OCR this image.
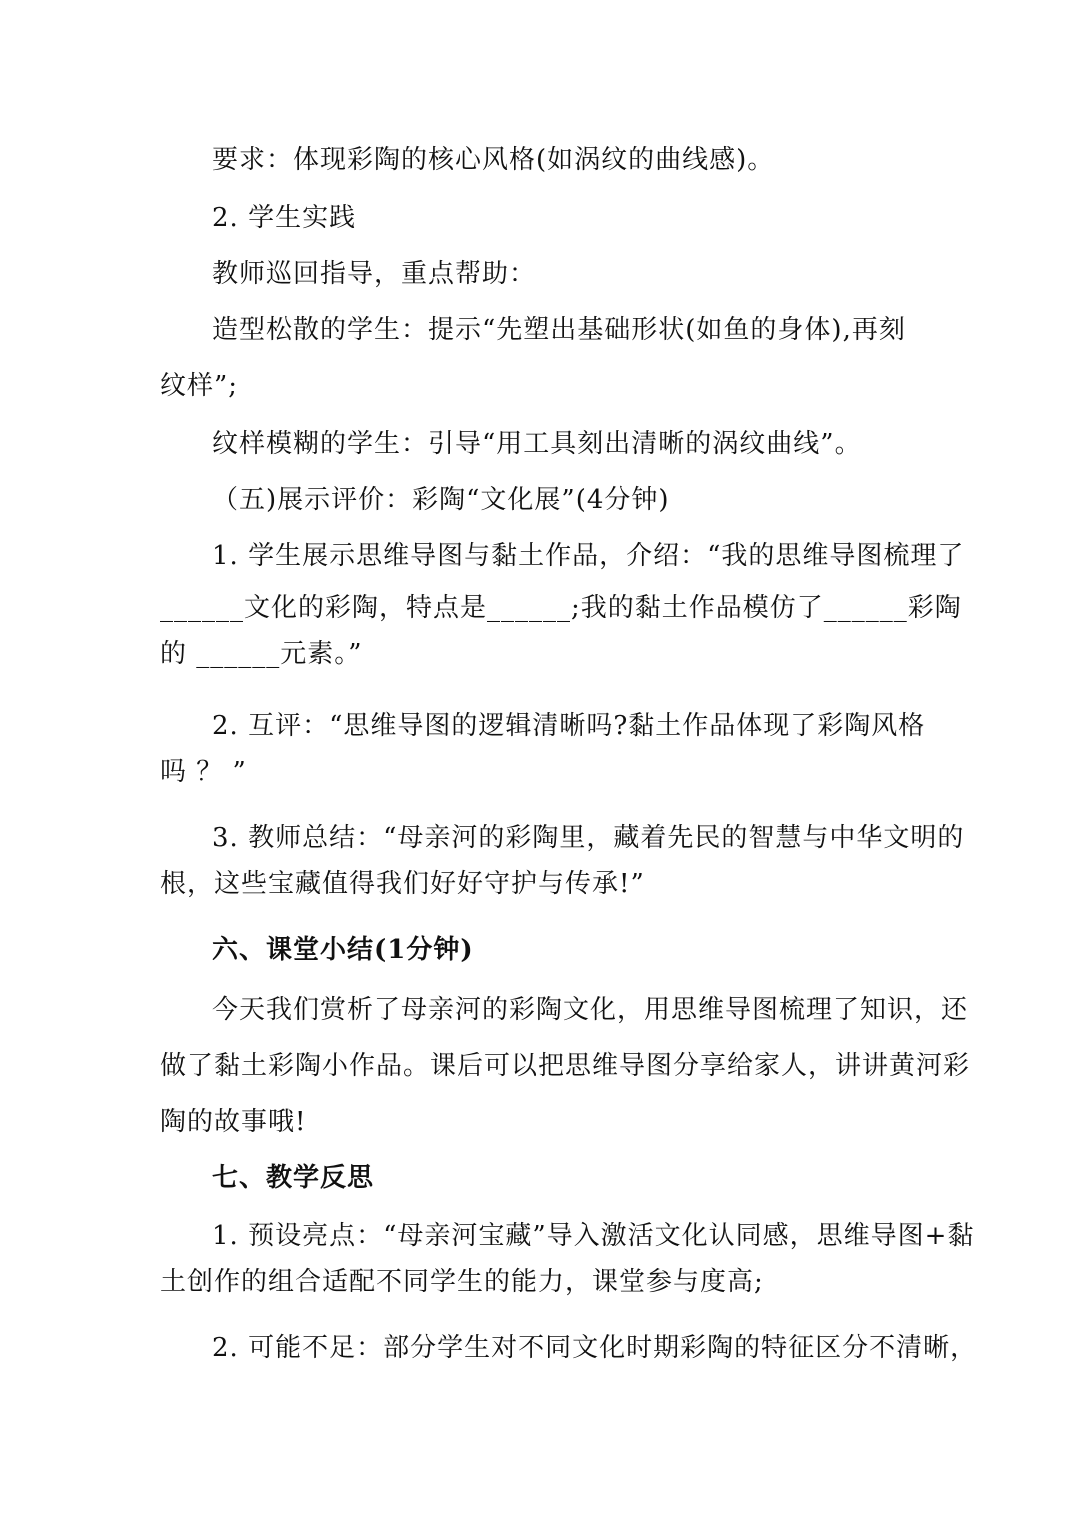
要求：体现彩陶的核心风格(如涡纹的曲线感)。
2. 学生实践
教师巡回指导，重点帮助：
造型松散的学生：提示“先塑出基础形状(如鱼的身体),再刻
纹样”;
纹样模糊的学生：引导“用工具刻出清晰的涡纹曲线”。
（五)展示评价：彩陶“文化展”(4分钟)
1. 学生展示思维导图与黏土作品，介绍：“我的思维导图梳理了
______文化的彩陶，特点是______;我的黏土作品模仿了______彩陶
的 ______元素。”
2. 互评：“思维导图的逻辑清晰吗?黏土作品体现了彩陶风格
吗 ？ ”
3. 教师总结：“母亲河的彩陶里，藏着先民的智慧与中华文明的
根，这些宝藏值得我们好好守护与传承!”
六、课堂小结(1分钟)
今天我们赏析了母亲河的彩陶文化，用思维导图梳理了知识，还
做了黏土彩陶小作品。课后可以把思维导图分享给家人，讲讲黄河彩
陶的故事哦!
七、教学反思
1. 预设亮点：“母亲河宝藏”导入激活文化认同感，思维导图+黏
土创作的组合适配不同学生的能力，课堂参与度高;
2. 可能不足：部分学生对不同文化时期彩陶的特征区分不清晰，
